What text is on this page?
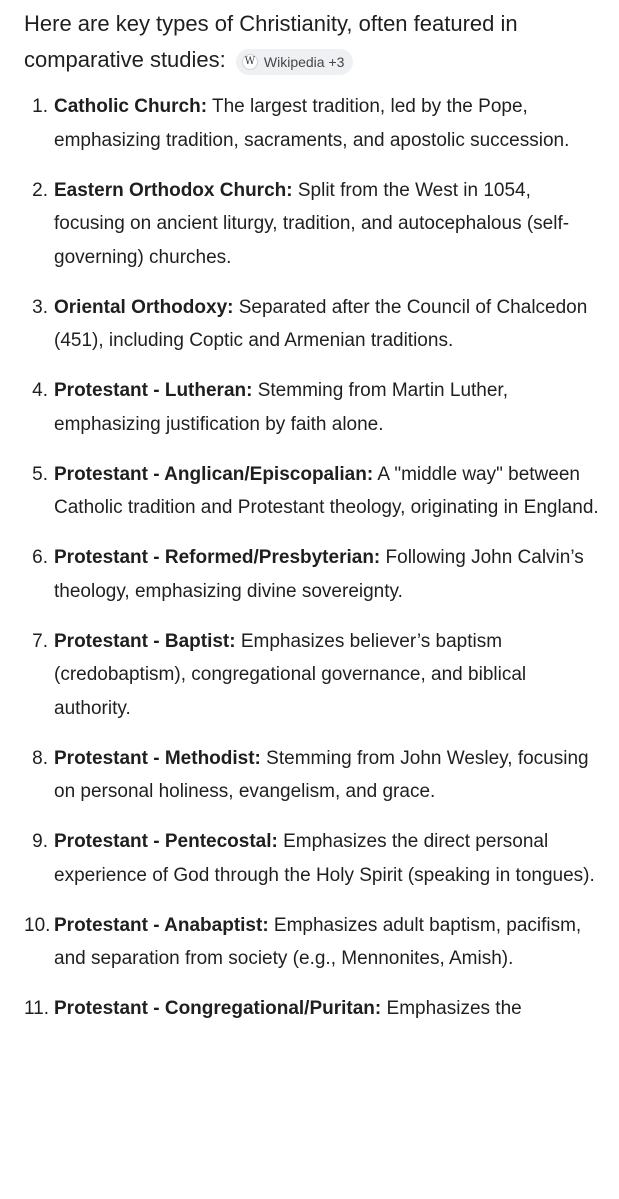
Here are key types of Christianity, often featured in comparative studies: W Wikipedia +3

1. Catholic Church: The largest tradition, led by the Pope, emphasizing tradition, sacraments, and apostolic succession.
2. Eastern Orthodox Church: Split from the West in 1054, focusing on ancient liturgy, tradition, and autocephalous (self-governing) churches.
3. Oriental Orthodoxy: Separated after the Council of Chalcedon (451), including Coptic and Armenian traditions.
4. Protestant - Lutheran: Stemming from Martin Luther, emphasizing justification by faith alone.
5. Protestant - Anglican/Episcopalian: A "middle way" between Catholic tradition and Protestant theology, originating in England.
6. Protestant - Reformed/Presbyterian: Following John Calvin’s theology, emphasizing divine sovereignty.
7. Protestant - Baptist: Emphasizes believer’s baptism (credobaptism), congregational governance, and biblical authority.
8. Protestant - Methodist: Stemming from John Wesley, focusing on personal holiness, evangelism, and grace.
9. Protestant - Pentecostal: Emphasizes the direct personal experience of God through the Holy Spirit (speaking in tongues).
10. Protestant - Anabaptist: Emphasizes adult baptism, pacifism, and separation from society (e.g., Mennonites, Amish).
11. Protestant - Congregational/Puritan: Emphasizes the
